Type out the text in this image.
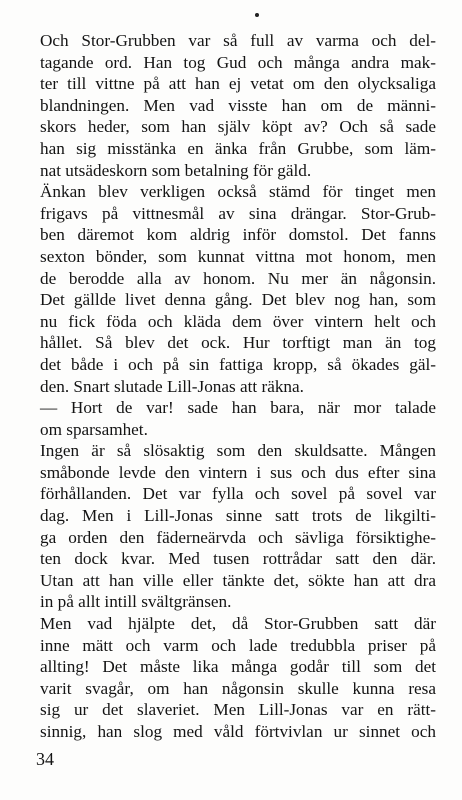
Och Stor-Grubben var så full av varma och del-
tagande ord. Han tog Gud och många andra mak-
ter till vittne på att han ej vetat om den olycksaliga
blandningen. Men vad visste han om de männi-
skors heder, som han själv köpt av? Och så sade
han sig misstänka en änka från Grubbe, som läm-
nat utsädeskorn som betalning för gäld.
Änkan blev verkligen också stämd för tinget men
frigavs på vittnesmål av sina drängar. Stor-Grub-
ben däremot kom aldrig inför domstol. Det fanns
sexton bönder, som kunnat vittna mot honom, men
de berodde alla av honom. Nu mer än någonsin.
Det gällde livet denna gång. Det blev nog han, som
nu fick föda och kläda dem över vintern helt och
hållet. Så blev det ock. Hur torftigt man än tog
det både i och på sin fattiga kropp, så ökades gäl-
den. Snart slutade Lill-Jonas att räkna.
— Hort de var! sade han bara, när mor talade
om sparsamhet.
Ingen är så slösaktig som den skuldsatte. Mången
småbonde levde den vintern i sus och dus efter sina
förhållanden. Det var fylla och sovel på sovel var
dag. Men i Lill-Jonas sinne satt trots de likgilti-
ga orden den fäderneärvda och sävliga försiktighe-
ten dock kvar. Med tusen rottrådar satt den där.
Utan att han ville eller tänkte det, sökte han att dra
in på allt intill svältgränsen.
Men vad hjälpte det, då Stor-Grubben satt där
inne mätt och varm och lade tredubbla priser på
allting! Det måste lika många godår till som det
varit svagår, om han någonsin skulle kunna resa
sig ur det slaveriet. Men Lill-Jonas var en rätt-
sinnig, han slog med våld förtvivlan ur sinnet och
34
